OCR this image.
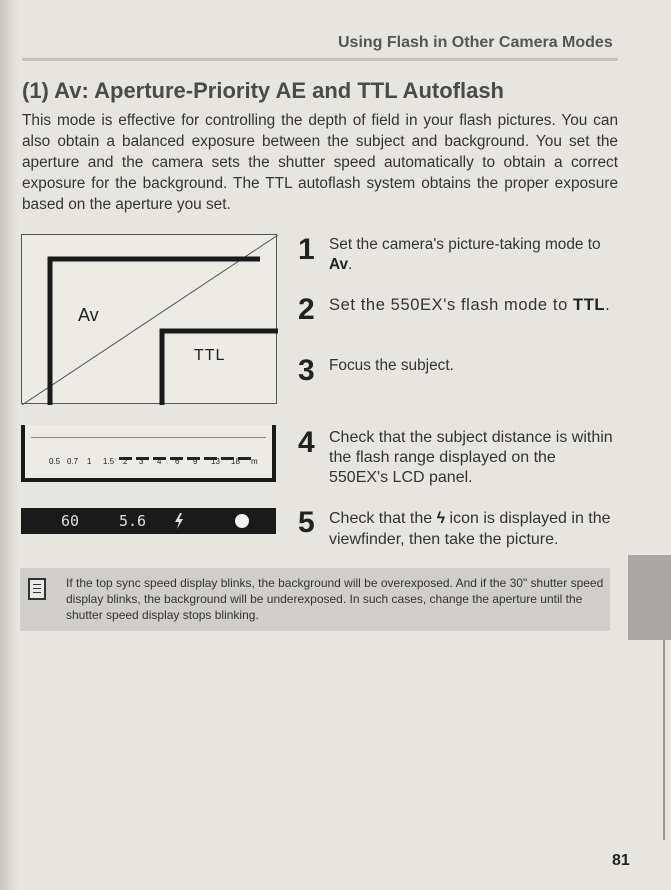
Using Flash in Other Camera Modes
(1) Av: Aperture-Priority AE and TTL Autoflash

This mode is effective for controlling the depth of field in your flash pictures. You can also obtain a balanced exposure between the subject and background. You set the aperture and the camera sets the shutter speed automatically to obtain a correct exposure for the background. The TTL autoflash system obtains the proper exposure based on the aperture you set.

Av
TTL
0.5 0.7 1 1.5 2 3 4 6 9 13 18 m
60	5.6
1 Set the camera's picture-taking mode to Av.
2 Set the 550EX's flash mode to TTL.
3 Focus the subject.
4 Check that the subject distance is within the flash range displayed on the 550EX's LCD panel.
5 Check that the ϟ icon is displayed in the viewfinder, then take the picture.
If the top sync speed display blinks, the background will be overexposed. And if the 30" shutter speed display blinks, the background will be underexposed. In such cases, change the aperture until the shutter speed display stops blinking.
81
